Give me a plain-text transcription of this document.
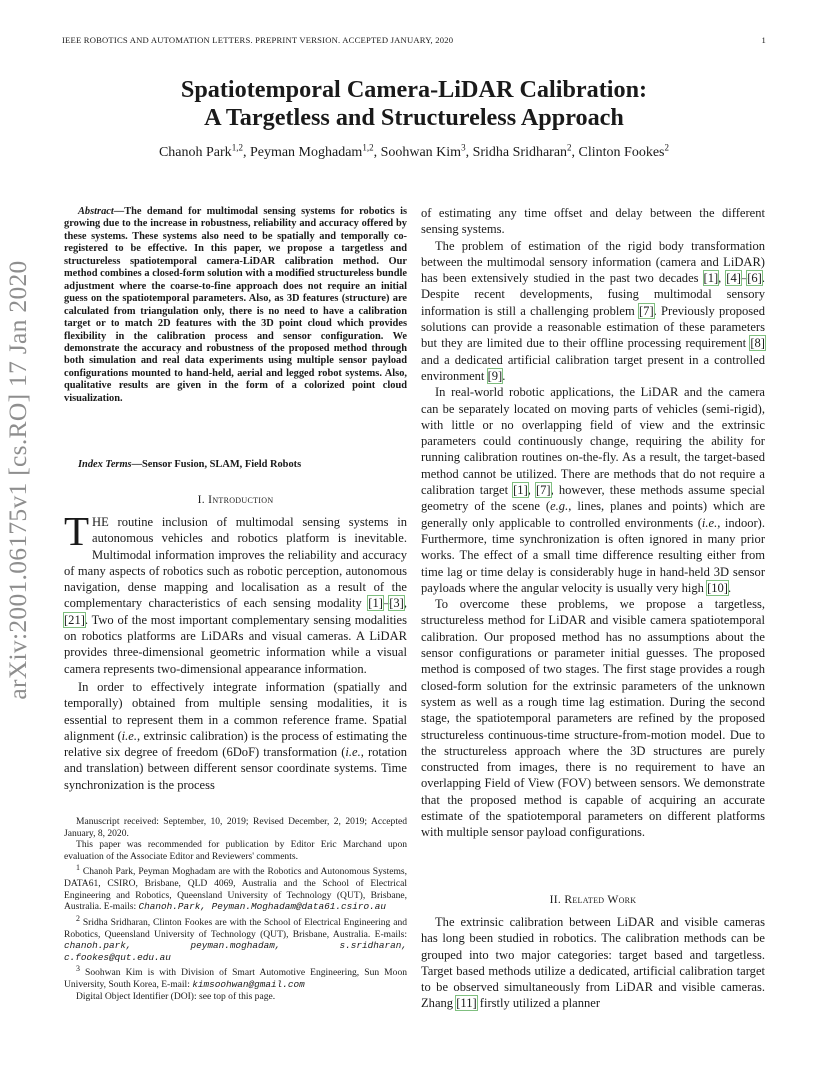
IEEE ROBOTICS AND AUTOMATION LETTERS. PREPRINT VERSION. ACCEPTED JANUARY, 2020	1
Spatiotemporal Camera-LiDAR Calibration:
A Targetless and Structureless Approach
Chanoh Park$^{1,2}$, Peyman Moghadam$^{1,2}$, Soohwan Kim$^3$, Sridha Sridharan$^2$, Clinton Fookes$^2$
arXiv:2001.06175v1 [cs.RO] 17 Jan 2020

Abstract—The demand for multimodal sensing systems for robotics is growing due to the increase in robustness, reliability and accuracy offered by these systems. These systems also need to be spatially and temporally co-registered to be effective. In this paper, we propose a targetless and structureless spatiotemporal camera-LiDAR calibration method. Our method combines a closed-form solution with a modified structureless bundle adjustment where the coarse-to-fine approach does not require an initial guess on the spatiotemporal parameters. Also, as 3D features (structure) are calculated from triangulation only, there is no need to have a calibration target or to match 2D features with the 3D point cloud which provides flexibility in the calibration process and sensor configuration. We demonstrate the accuracy and robustness of the proposed method through both simulation and real data experiments using multiple sensor payload configurations mounted to hand-held, aerial and legged robot systems. Also, qualitative results are given in the form of a colorized point cloud visualization.

Index Terms—Sensor Fusion, SLAM, Field Robots

I. Introduction

THE routine inclusion of multimodal sensing systems in autonomous vehicles and robotics platform is inevitable. Multimodal information improves the reliability and accuracy of many aspects of robotics such as robotic perception, autonomous navigation, dense mapping and localisation as a result of the complementary characteristics of each sensing modality [1]–[3], [21]. Two of the most important complementary sensing modalities on robotics platforms are LiDARs and visual cameras. A LiDAR provides three-dimensional geometric information while a visual camera represents two-dimensional appearance information.

In order to effectively integrate information (spatially and temporally) obtained from multiple sensing modalities, it is essential to represent them in a common reference frame. Spatial alignment (i.e., extrinsic calibration) is the process of estimating the relative six degree of freedom (6DoF) transformation (i.e., rotation and translation) between different sensor coordinate systems. Time synchronization is the process

Manuscript received: September, 10, 2019; Revised December, 2, 2019; Accepted January, 8, 2020.

This paper was recommended for publication by Editor Eric Marchand upon evaluation of the Associate Editor and Reviewers' comments.

$^1$ Chanoh Park, Peyman Moghadam are with the Robotics and Autonomous Systems, DATA61, CSIRO, Brisbane, QLD 4069, Australia and the School of Electrical Engineering and Robotics, Queensland University of Technology (QUT), Brisbane, Australia. E-mails: Chanoh.Park, Peyman.Moghadam@data61.csiro.au

$^2$ Sridha Sridharan, Clinton Fookes are with the School of Electrical Engineering and Robotics, Queensland University of Technology (QUT), Brisbane, Australia. E-mails: chanoh.park, peyman.moghadam, s.sridharan, c.fookes@qut.edu.au

$^3$ Soohwan Kim is with Division of Smart Automotive Engineering, Sun Moon University, South Korea, E-mail: kimsoohwan@gmail.com

Digital Object Identifier (DOI): see top of this page.

of estimating any time offset and delay between the different sensing systems.

The problem of estimation of the rigid body transformation between the multimodal sensory information (camera and LiDAR) has been extensively studied in the past two decades [1], [4]–[6]. Despite recent developments, fusing multimodal sensory information is still a challenging problem [7]. Previously proposed solutions can provide a reasonable estimation of these parameters but they are limited due to their offline processing requirement [8] and a dedicated artificial calibration target present in a controlled environment [9].

In real-world robotic applications, the LiDAR and the camera can be separately located on moving parts of vehicles (semi-rigid), with little or no overlapping field of view and the extrinsic parameters could continuously change, requiring the ability for running calibration routines on-the-fly. As a result, the target-based method cannot be utilized. There are methods that do not require a calibration target [1], [7], however, these methods assume special geometry of the scene (e.g., lines, planes and points) which are generally only applicable to controlled environments (i.e., indoor). Furthermore, time synchronization is often ignored in many prior works. The effect of a small time difference resulting either from time lag or time delay is considerably huge in hand-held 3D sensor payloads where the angular velocity is usually very high [10].

To overcome these problems, we propose a targetless, structureless method for LiDAR and visible camera spatiotemporal calibration. Our proposed method has no assumptions about the sensor configurations or parameter initial guesses. The proposed method is composed of two stages. The first stage provides a rough closed-form solution for the extrinsic parameters of the unknown system as well as a rough time lag estimation. During the second stage, the spatiotemporal parameters are refined by the proposed structureless continuous-time structure-from-motion model. Due to the structureless approach where the 3D structures are purely constructed from images, there is no requirement to have an overlapping Field of View (FOV) between sensors. We demonstrate that the proposed method is capable of acquiring an accurate estimate of the spatiotemporal parameters on different platforms with multiple sensor payload configurations.

II. Related Work

The extrinsic calibration between LiDAR and visible cameras has long been studied in robotics. The calibration methods can be grouped into two major categories: target based and targetless. Target based methods utilize a dedicated, artificial calibration target to be observed simultaneously from LiDAR and visible cameras. Zhang [11] firstly utilized a planner
